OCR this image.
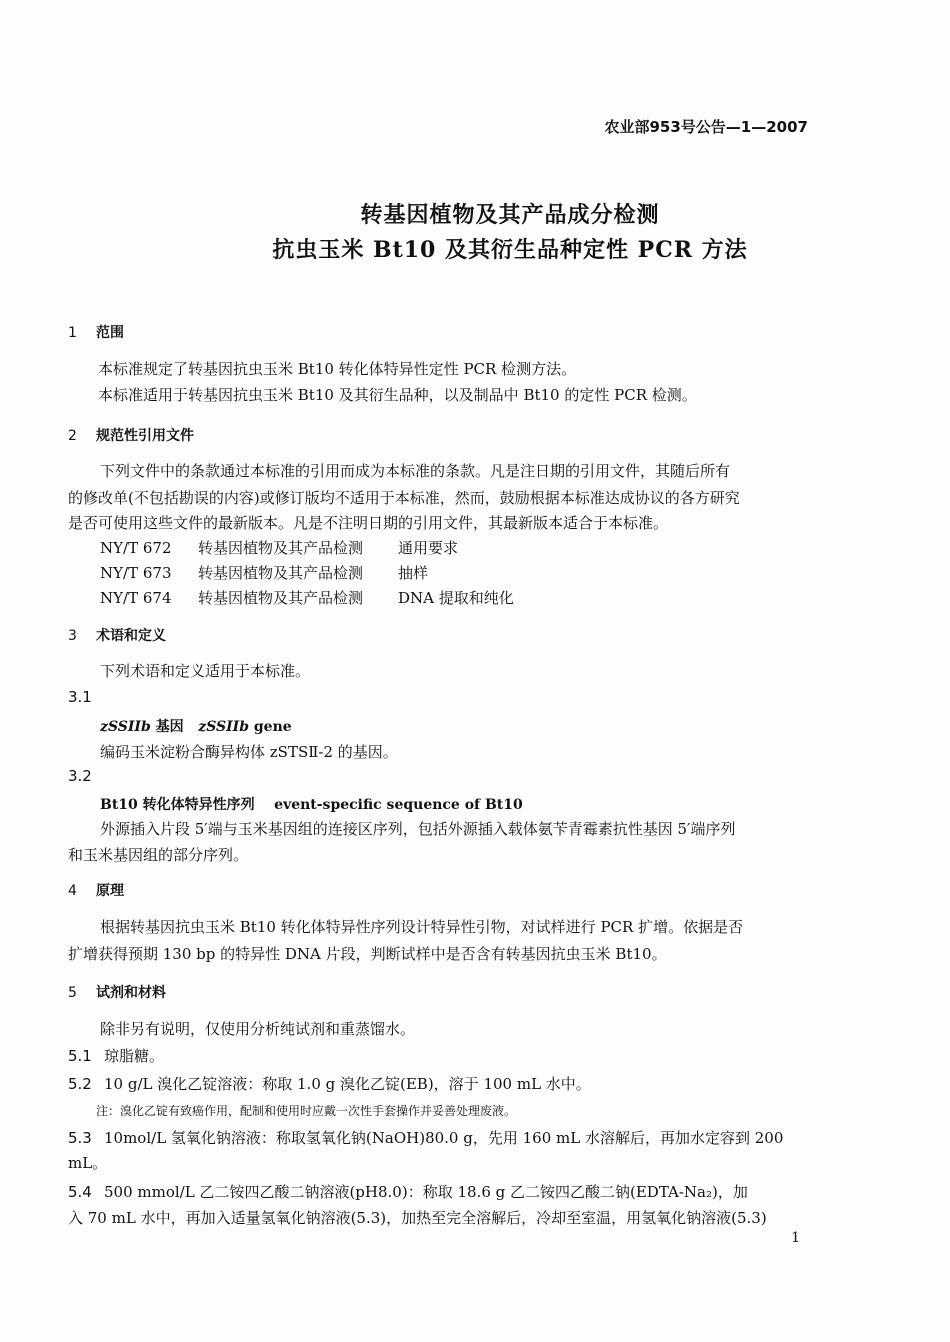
农业部953号公告—1—2007
转基因植物及其产品成分检测
抗虫玉米 Bt10 及其衍生品种定性 PCR 方法
1 范围
本标准规定了转基因抗虫玉米 Bt10 转化体特异性定性 PCR 检测方法。
本标准适用于转基因抗虫玉米 Bt10 及其衍生品种，以及制品中 Bt10 的定性 PCR 检测。
2 规范性引用文件
下列文件中的条款通过本标准的引用而成为本标准的条款。凡是注日期的引用文件，其随后所有
的修改单(不包括勘误的内容)或修订版均不适用于本标准，然而，鼓励根据本标准达成协议的各方研究
是否可使用这些文件的最新版本。凡是不注明日期的引用文件，其最新版本适合于本标准。
NY/T 672 转基因植物及其产品检测 通用要求
NY/T 673 转基因植物及其产品检测 抽样
NY/T 674 转基因植物及其产品检测 DNA 提取和纯化
3 术语和定义
下列术语和定义适用于本标准。
3.1
zSSIIb 基因 zSSIIb gene
编码玉米淀粉合酶异构体 zSTSⅡ-2 的基因。
3.2
Bt10 转化体特异性序列 event-specific sequence of Bt10
外源插入片段 5′端与玉米基因组的连接区序列，包括外源插入载体氨苄青霉素抗性基因 5′端序列
和玉米基因组的部分序列。
4 原理
根据转基因抗虫玉米 Bt10 转化体特异性序列设计特异性引物，对试样进行 PCR 扩增。依据是否
扩增获得预期 130 bp 的特异性 DNA 片段，判断试样中是否含有转基因抗虫玉米 Bt10。
5 试剂和材料
除非另有说明，仅使用分析纯试剂和重蒸馏水。
5.1 琼脂糖。
5.2 10 g/L 溴化乙锭溶液：称取 1.0 g 溴化乙锭(EB)，溶于 100 mL 水中。
注：溴化乙锭有致癌作用，配制和使用时应戴一次性手套操作并妥善处理废液。
5.3 10mol/L 氢氧化钠溶液：称取氢氧化钠(NaOH)80.0 g，先用 160 mL 水溶解后，再加水定容到 200
mL。
5.4 500 mmol/L 乙二铵四乙酸二钠溶液(pH8.0)：称取 18.6 g 乙二铵四乙酸二钠(EDTA-Na₂)，加
入 70 mL 水中，再加入适量氢氧化钠溶液(5.3)，加热至完全溶解后，冷却至室温，用氢氧化钠溶液(5.3)
1
